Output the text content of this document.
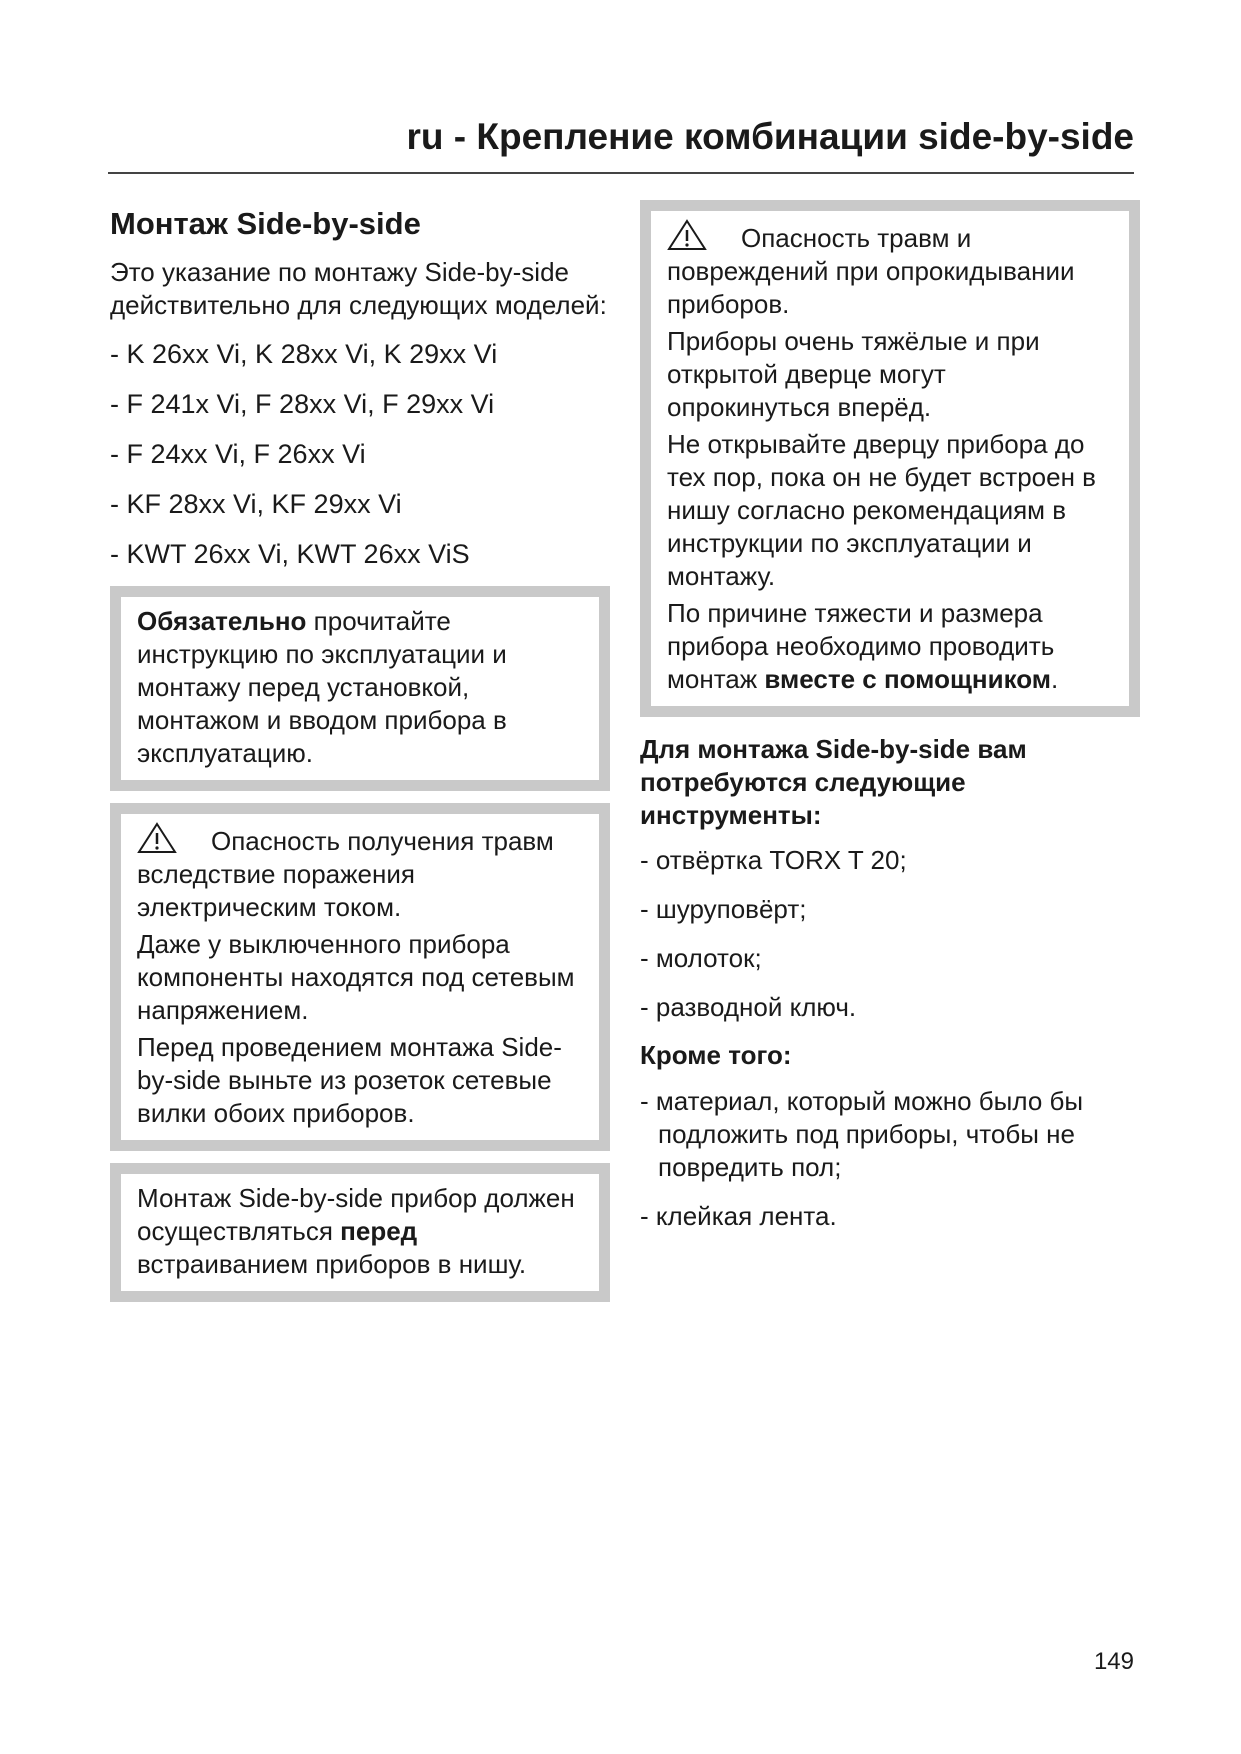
ru - Крепление комбинации side-by-side
Монтаж Side-by-side

Это указание по монтажу Side-by-side действительно для следующих моделей:

- K 26xx Vi, K 28xx Vi, K 29xx Vi
- F 241x Vi, F 28xx Vi, F 29xx Vi
- F 24xx Vi, F 26xx Vi
- KF 28xx Vi, KF 29xx Vi
- KWT 26xx Vi, KWT 26xx ViS

Обязательно прочитайте инструкцию по эксплуатации и монтажу перед установкой, монтажом и вводом прибора в эксплуатацию.

Опасность получения травм вследствие поражения электрическим током.

Даже у выключенного прибора компоненты находятся под сетевым напряжением.

Перед проведением монтажа Side-by-side выньте из розеток сетевые вилки обоих приборов.

Монтаж Side-by-side прибор должен осуществляться перед встраиванием приборов в нишу.

Опасность травм и повреждений при опрокидывании приборов.

Приборы очень тяжёлые и при открытой дверце могут опрокинуться вперёд.

Не открывайте дверцу прибора до тех пор, пока он не будет встроен в нишу согласно рекомендациям в инструкции по эксплуатации и монтажу.

По причине тяжести и размера прибора необходимо проводить монтаж вместе с помощником.

Для монтажа Side-by-side вам потребуются следующие инструменты:
- отвёртка TORX T 20;
- шуруповёрт;
- молоток;
- разводной ключ.
Кроме того:
- материал, который можно было бы подложить под приборы, чтобы не повредить пол;
- клейкая лента.
149
